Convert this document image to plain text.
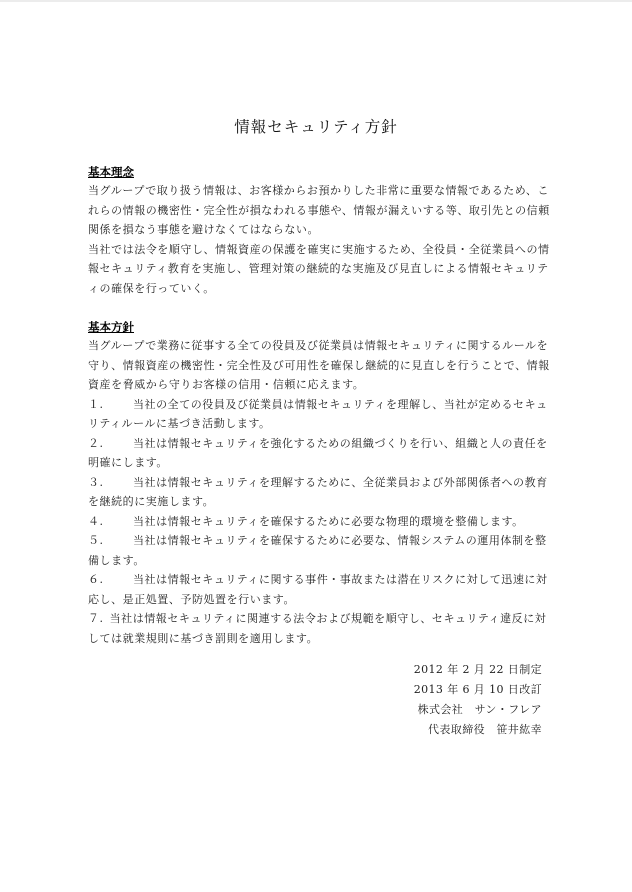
情報セキュリティ方針
基本理念
当グループで取り扱う情報は、お客様からお預かりした非常に重要な情報であるため、こ
れらの情報の機密性・完全性が損なわれる事態や、情報が漏えいする等、取引先との信頼
関係を損なう事態を避けなくてはならない。
当社では法令を順守し、情報資産の保護を確実に実施するため、全役員・全従業員への情
報セキュリティ教育を実施し、管理対策の継続的な実施及び見直しによる情報セキュリテ
ィの確保を行っていく。
基本方針
当グループで業務に従事する全ての役員及び従業員は情報セキュリティに関するルールを
守り、情報資産の機密性・完全性及び可用性を確保し継続的に見直しを行うことで、情報
資産を脅威から守りお客様の信用・信頼に応えます。
１.	当社の全ての役員及び従業員は情報セキュリティを理解し、当社が定めるセキュ
リティルールに基づき活動します。
２.	当社は情報セキュリティを強化するための組織づくりを行い、組織と人の責任を
明確にします。
３.	当社は情報セキュリティを理解するために、全従業員および外部関係者への教育
を継続的に実施します。
４.	当社は情報セキュリティを確保するために必要な物理的環境を整備します。
５.	当社は情報セキュリティを確保するために必要な、情報システムの運用体制を整
備します。
６.	当社は情報セキュリティに関する事件・事故または潜在リスクに対して迅速に対
応し、是正処置、予防処置を行います。
７. 当社は情報セキュリティに関連する法令および規範を順守し、セキュリティ違反に対
しては就業規則に基づき罰則を適用します。
2012 年 2 月 22 日制定
2013 年 6 月 10 日改訂
株式会社　サン・フレア
代表取締役　笹井紘幸
